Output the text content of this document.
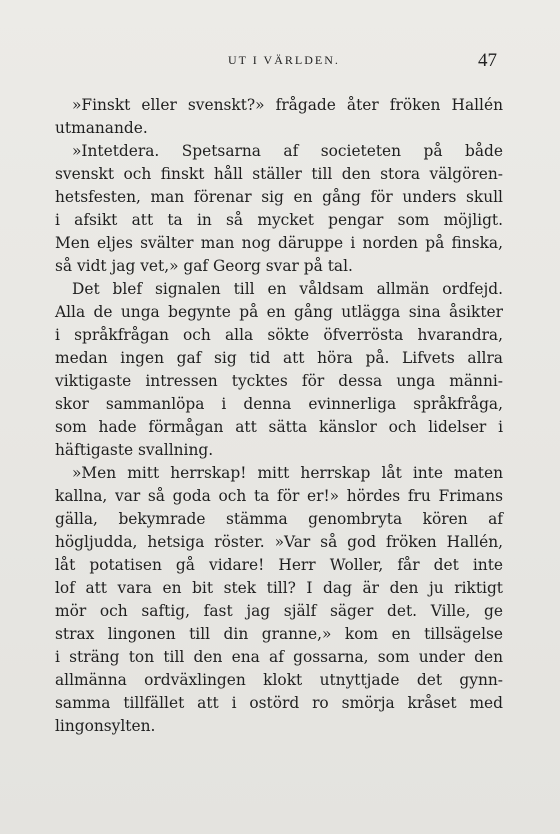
UT I VÄRLDEN.	47
»Finskt eller svenskt?» frågade åter fröken Hallén
utmanande.
»Intetdera. Spetsarna af societeten på både
svenskt och finskt håll ställer till den stora välgören-
hetsfesten, man förenar sig en gång för unders skull
i afsikt att ta in så mycket pengar som möjligt.
Men eljes svälter man nog däruppe i norden på finska,
så vidt jag vet,» gaf Georg svar på tal.
Det blef signalen till en våldsam allmän ordfejd.
Alla de unga begynte på en gång utlägga sina åsikter
i språkfrågan och alla sökte öfverrösta hvarandra,
medan ingen gaf sig tid att höra på. Lifvets allra
viktigaste intressen tycktes för dessa unga männi-
skor sammanlöpa i denna evinnerliga språkfråga,
som hade förmågan att sätta känslor och lidelser i
häftigaste svallning.
»Men mitt herrskap! mitt herrskap låt inte maten
kallna, var så goda och ta för er!» hördes fru Frimans
gälla, bekymrade stämma genombryta kören af
högljudda, hetsiga röster. »Var så god fröken Hallén,
låt potatisen gå vidare! Herr Woller, får det inte
lof att vara en bit stek till? I dag är den ju riktigt
mör och saftig, fast jag själf säger det. Ville, ge
strax lingonen till din granne,» kom en tillsägelse
i sträng ton till den ena af gossarna, som under den
allmänna ordväxlingen klokt utnyttjade det gynn-
samma tillfället att i ostörd ro smörja kråset med
lingonsylten.
